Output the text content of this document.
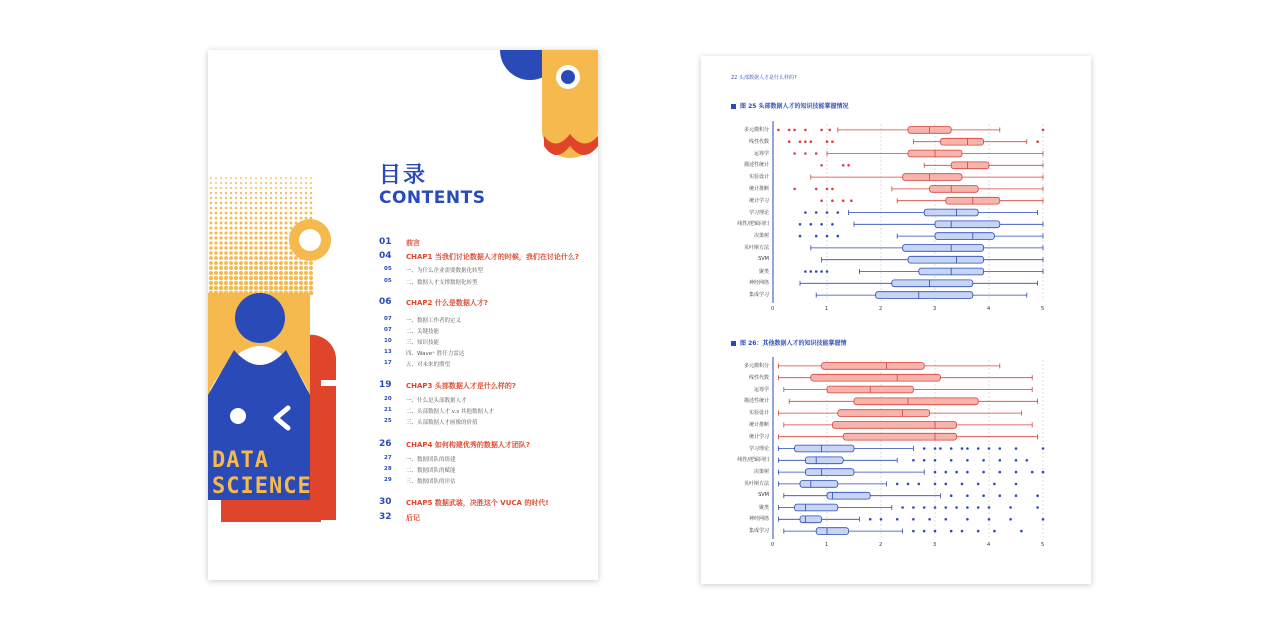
DATA
SCIENCE
目录
CONTENTS
01	前言
04	CHAP1 当我们讨论数据人才的时候，我们在讨论什么?
05	一、为什么企业需要数据化转型
05	二、数据人才支撑数据化转型
06	CHAP2 什么是数据人才?
07	一、数据工作者的定义
07	二、关键技能
10	三、知识技能
13	四、Wave⁺ 胜任力雷达
17	五、对未来的期望
19	CHAP3 头部数据人才是什么样的?
20	一、什么是头部数据人才
21	二、头部数据人才 v.s 其他数据人才
25	三、头部数据人才画像的价值
26	CHAP4 如何构建优秀的数据人才团队?
27	一、数据团队的组建
28	二、数据团队的赋能
29	三、数据团队的评估
30	CHAP5 数据武装，决胜这个 VUCA 的时代!
32	后记
22 头部数据人才是什么样的?
图 25 头部数据人才的知识技能掌握情况
图 26：其他数据人才的知识技能掌握情
0	1	2	3	4	5
多元微积分
线性代数
运筹学
描述性统计
实验设计
统计推断
统计学习
学习理论
线性/逻辑回归
决策树
贝叶斯方法
SVM
聚类
神经网络
集成学习
0	1	2	3	4	5
多元微积分
线性代数
运筹学
描述性统计
实验设计
统计推断
统计学习
学习理论
线性/逻辑回归
决策树
贝叶斯方法
SVM
聚类
神经网络
集成学习
